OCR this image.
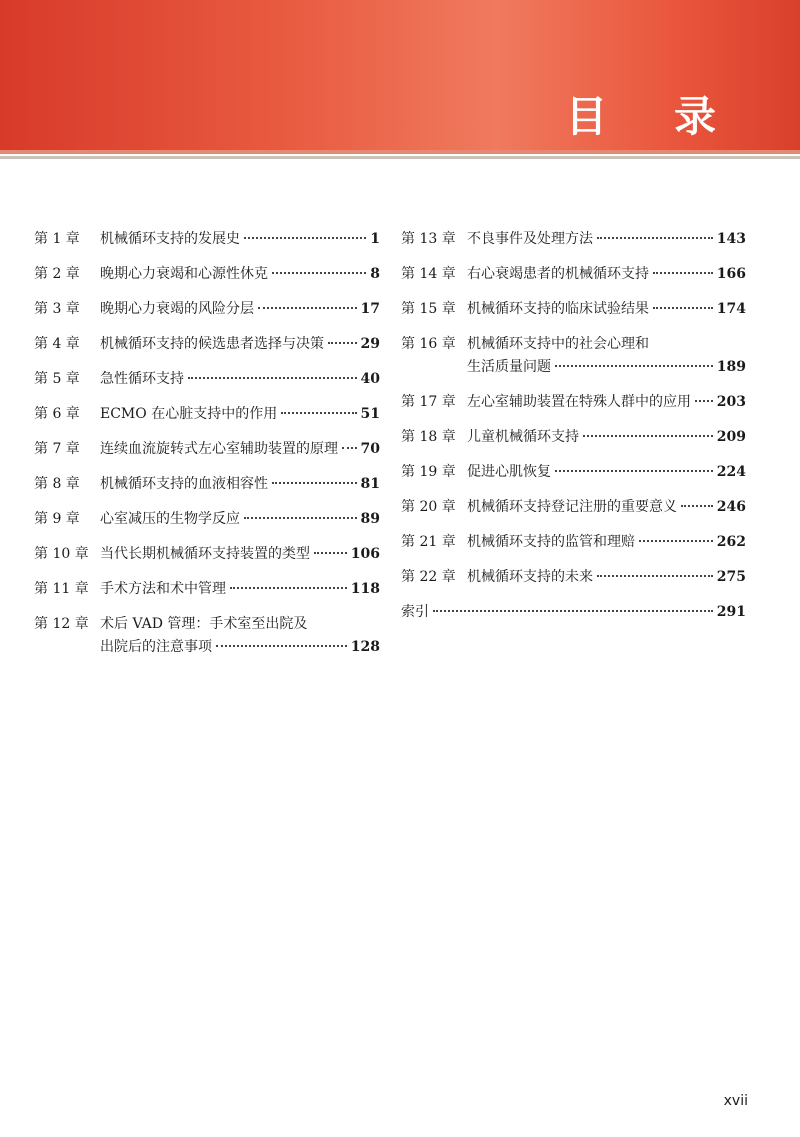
目 录
第 1 章	机械循环支持的发展史	1
第 2 章	晚期心力衰竭和心源性休克	8
第 3 章	晚期心力衰竭的风险分层	17
第 4 章	机械循环支持的候选患者选择与决策	29
第 5 章	急性循环支持	40
第 6 章	ECMO 在心脏支持中的作用	51
第 7 章	连续血流旋转式左心室辅助装置的原理 70
第 8 章	机械循环支持的血液相容性	81
第 9 章	心室减压的生物学反应	89
第 10 章 当代长期机械循环支持装置的类型	106
第 11 章 手术方法和术中管理	118
第 12 章 术后 VAD 管理：手术室至出院及
出院后的注意事项	128
第 13 章 不良事件及处理方法	143
第 14 章 右心衰竭患者的机械循环支持	166
第 15 章 机械循环支持的临床试验结果	174
第 16 章 机械循环支持中的社会心理和
生活质量问题	189
第 17 章 左心室辅助装置在特殊人群中的应用 203
第 18 章 儿童机械循环支持	209
第 19 章 促进心肌恢复	224
第 20 章 机械循环支持登记注册的重要意义	246
第 21 章 机械循环支持的监管和理赔	262
第 22 章 机械循环支持的未来	275
索引	291
xvii
